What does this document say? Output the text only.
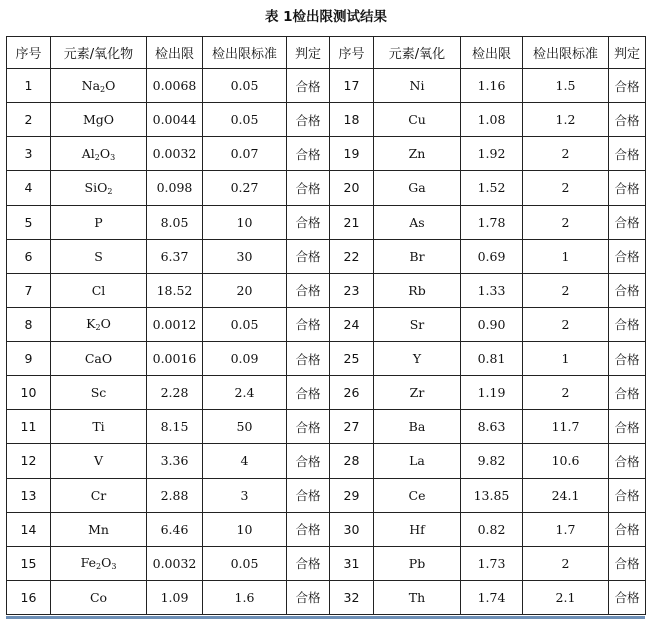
表 1检出限测试结果
序号	元素/氧化物	检出限	检出限标准	判定	序号	元素/氧化	检出限	检出限标准	判定
1	$Na_2O$	0.0068	0.05	合格	17	Ni	1.16	1.5	合格
2	MgO	0.0044	0.05	合格	18	Cu	1.08	1.2	合格
3	$Al_2O_3$	0.0032	0.07	合格	19	Zn	1.92	2	合格
4	SiO$_2$	0.098	0.27	合格	20	Ga	1.52	2	合格
5	P	8.05	10	合格	21	As	1.78	2	合格
6	S	6.37	30	合格	22	Br	0.69	1	合格
7	Cl	18.52	20	合格	23	Rb	1.33	2	合格
8	$K_2O$	0.0012	0.05	合格	24	Sr	0.90	2	合格
9	CaO	0.0016	0.09	合格	25	Y	0.81	1	合格
10	Sc	2.28	2.4	合格	26	Zr	1.19	2	合格
11	Ti	8.15	50	合格	27	Ba	8.63	11.7	合格
12	V	3.36	4	合格	28	La	9.82	10.6	合格
13	Cr	2.88	3	合格	29	Ce	13.85	24.1	合格
14	Mn	6.46	10	合格	30	Hf	0.82	1.7	合格
15	$Fe_2O_3$	0.0032	0.05	合格	31	Pb	1.73	2	合格
16	Co	1.09	1.6	合格	32	Th	1.74	2.1	合格
